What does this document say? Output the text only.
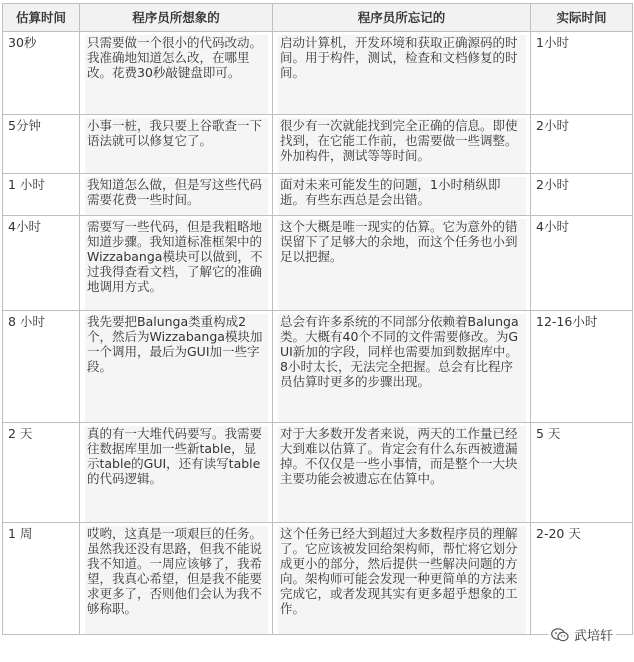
估算时间	程序员所想象的	程序员所忘记的	实际时间
30秒	只需要做一个很小的代码改动。我准确地知道怎么改，在哪里改。花费30秒敲键盘即可。	启动计算机，开发环境和获取正确源码的时间。用于构件，测试，检查和文档修复的时间。	1小时
5分钟	小事一桩，我只要上谷歌查一下语法就可以修复它了。	很少有一次就能找到完全正确的信息。即使找到，在它能工作前，也需要做一些调整。外加构件，测试等等时间。	2小时
1 小时	我知道怎么做，但是写这些代码需要花费一些时间。	面对未来可能发生的问题，1小时稍纵即逝。有些东西总是会出错。	2小时
4小时	需要写一些代码，但是我粗略地知道步骤。我知道标准框架中的Wizzabanga模块可以做到，不过我得查看文档，了解它的准确地调用方式。	这个大概是唯一现实的估算。它为意外的错误留下了足够大的余地，而这个任务也小到足以把握。	4小时
8 小时	我先要把Balunga类重构成2个，然后为Wizzabanga模块加一个调用，最后为GUI加一些字段。	总会有许多系统的不同部分依赖着Balunga类。大概有40个不同的文件需要修改。为GUI新加的字段，同样也需要加到数据库中。8小时太长，无法完全把握。总会有比程序员估算时更多的步骤出现。	12-16小时
2 天	真的有一大堆代码要写。我需要往数据库里加一些新table，显示table的GUI，还有读写table的代码逻辑。	对于大多数开发者来说，两天的工作量已经大到难以估算了。肯定会有什么东西被遗漏掉。不仅仅是一些小事情，而是整个一大块主要功能会被遗忘在估算中。	5 天
1 周	哎哟，这真是一项艰巨的任务。虽然我还没有思路，但我不能说我不知道。一周应该够了，我希望，我真心希望，但是我不能要求更多了，否则他们会认为我不够称职。	这个任务已经大到超过大多数程序员的理解了。它应该被发回给架构师，帮忙将它划分成更小的部分，然后提供一些解决问题的方向。架构师可能会发现一种更简单的方法来完成它，或者发现其实有更多超乎想象的工作。	2-20 天
武培轩
